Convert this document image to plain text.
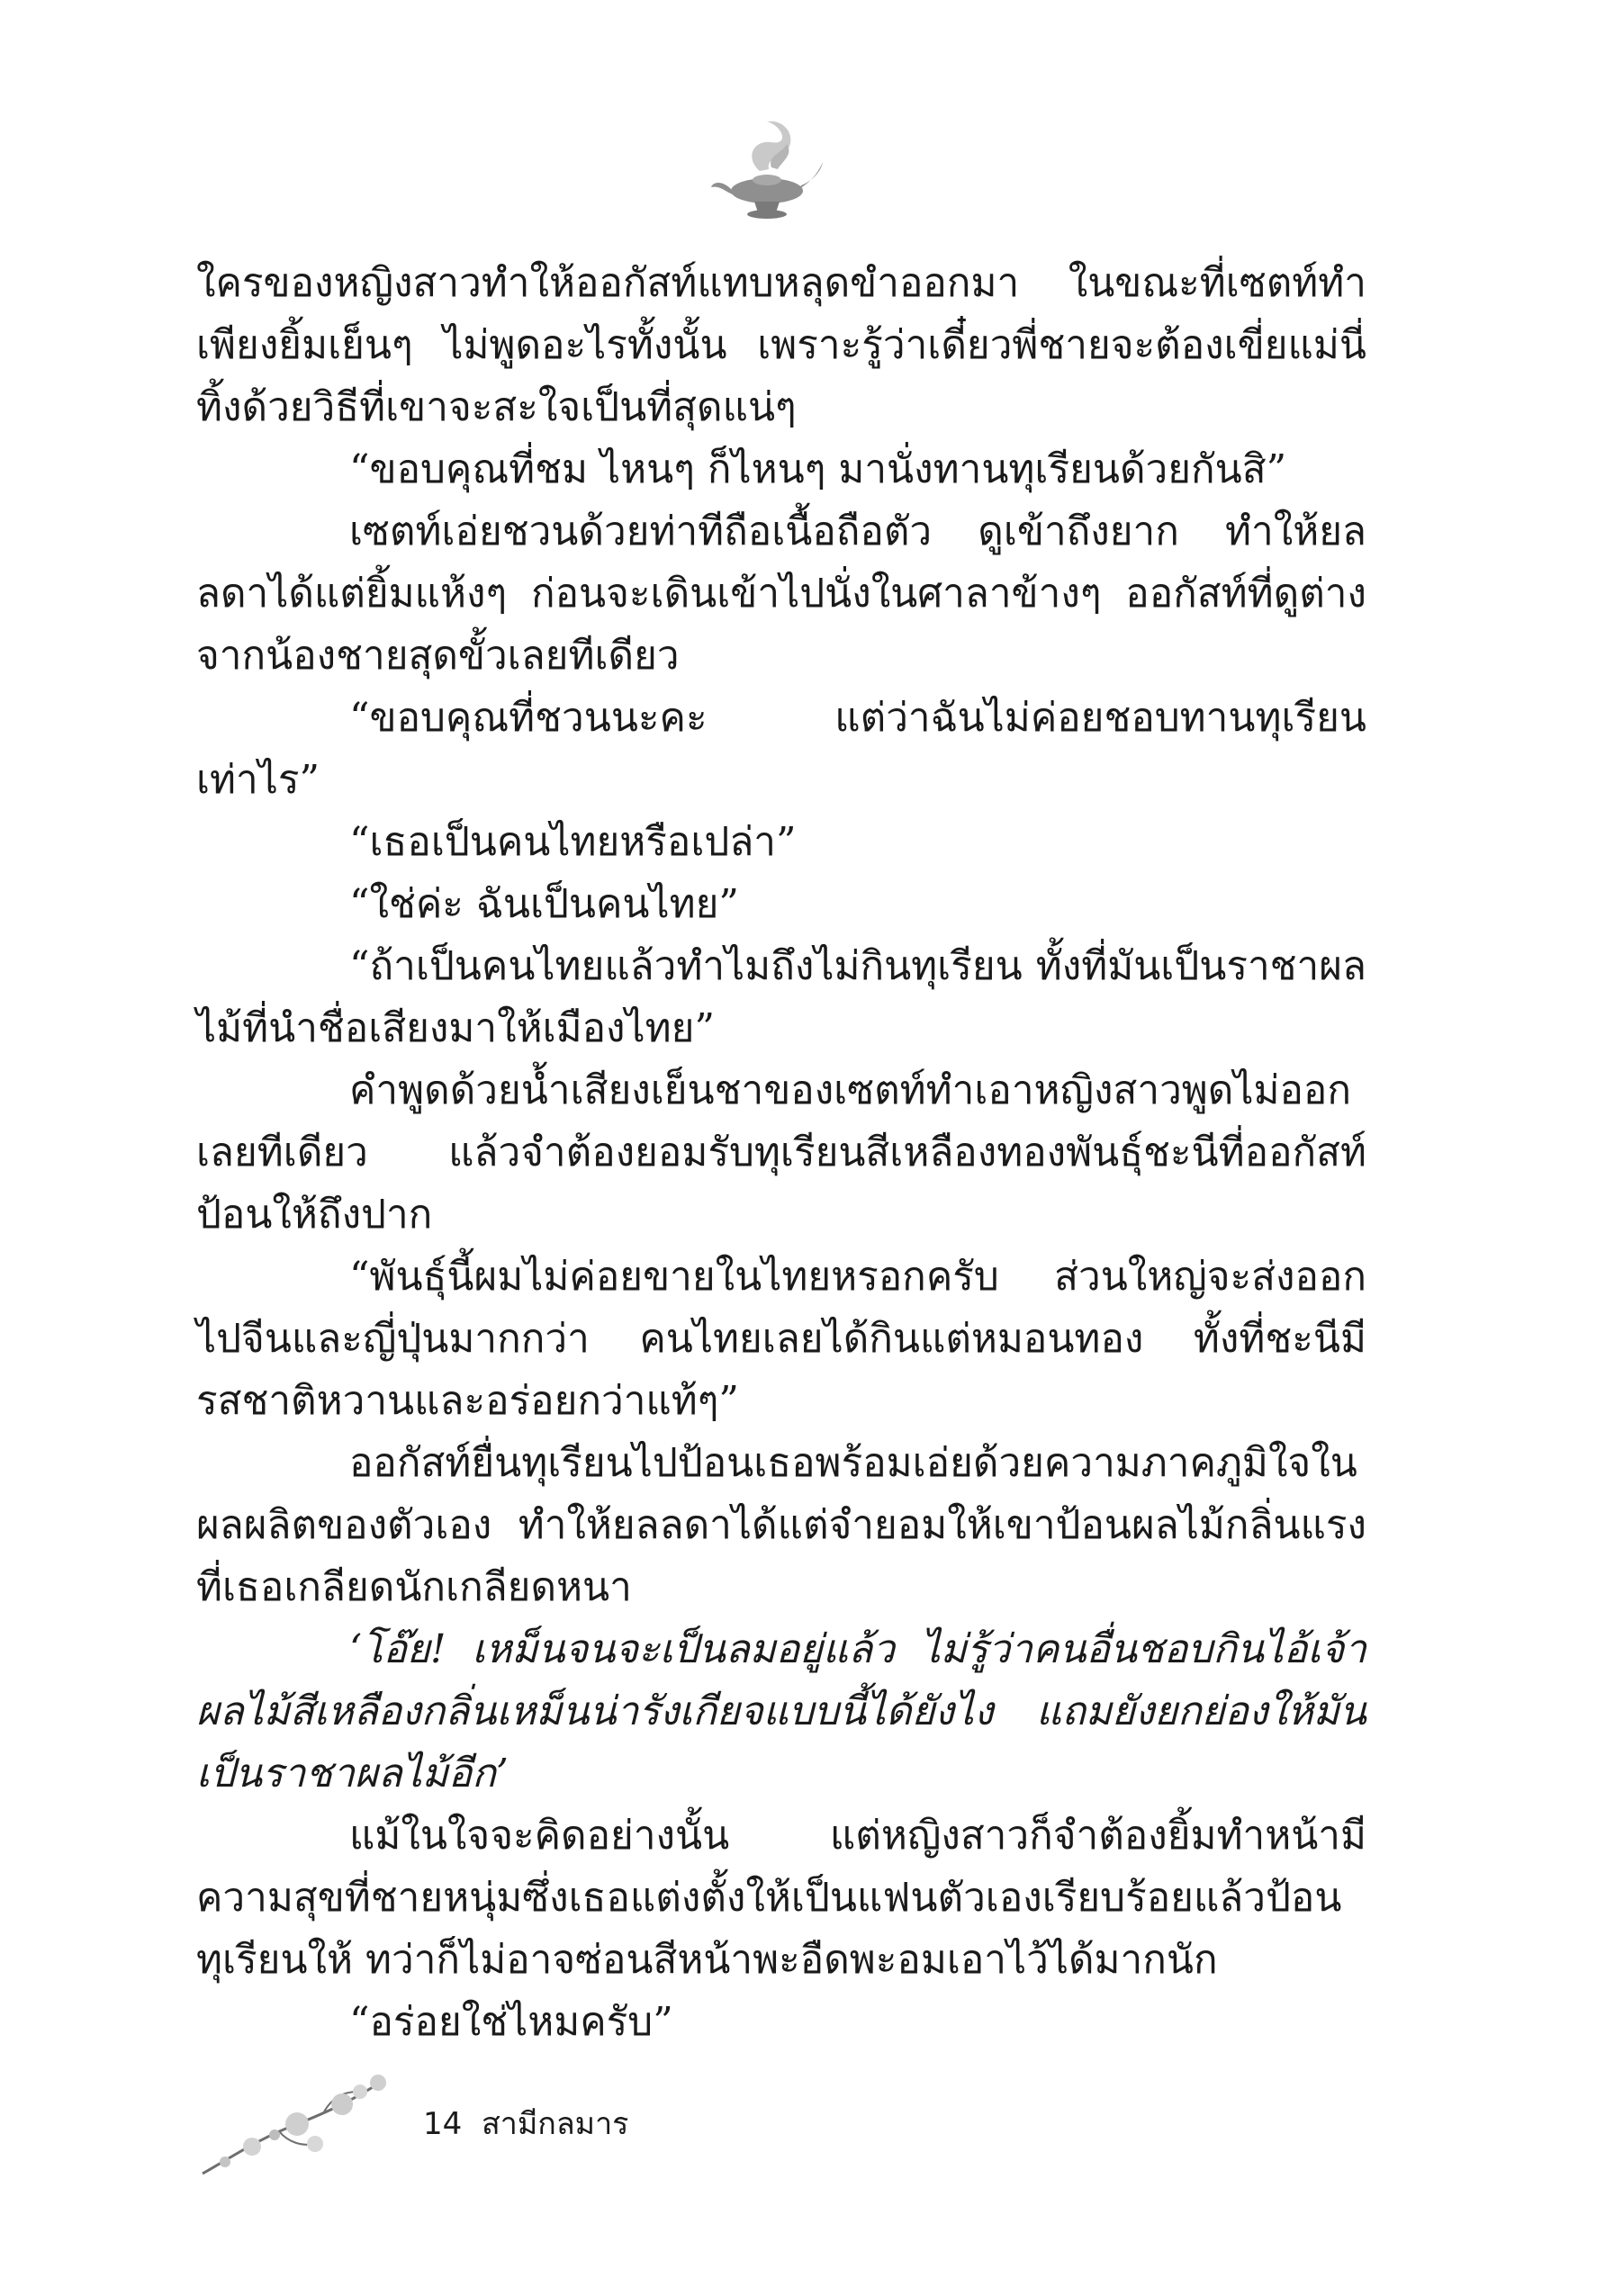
ใครของหญิงสาวทำให้ออกัสท์แทบหลุดขำออกมา ในขณะที่เซตท์ทำเพียงยิ้มเย็นๆ ไม่พูดอะไรทั้งนั้น เพราะรู้ว่าเดี๋ยวพี่ชายจะต้องเขี่ยแม่นี่ทิ้งด้วยวิธีที่เขาจะสะใจเป็นที่สุดแน่ๆ

“ขอบคุณที่ชม ไหนๆ ก็ไหนๆ มานั่งทานทุเรียนด้วยกันสิ”

เซตท์เอ่ยชวนด้วยท่าทีถือเนื้อถือตัว ดูเข้าถึงยาก ทำให้ยลลดาได้แต่ยิ้มแห้งๆ ก่อนจะเดินเข้าไปนั่งในศาลาข้างๆ ออกัสท์ที่ดูต่างจากน้องชายสุดขั้วเลยทีเดียว

“ขอบคุณที่ชวนนะคะ แต่ว่าฉันไม่ค่อยชอบทานทุเรียนเท่าไร”

“เธอเป็นคนไทยหรือเปล่า”

“ใช่ค่ะ ฉันเป็นคนไทย”

“ถ้าเป็นคนไทยแล้วทำไมถึงไม่กินทุเรียน ทั้งที่มันเป็นราชาผลไม้ที่นำชื่อเสียงมาให้เมืองไทย”

คำพูดด้วยน้ำเสียงเย็นชาของเซตท์ทำเอาหญิงสาวพูดไม่ออกเลยทีเดียว แล้วจำต้องยอมรับทุเรียนสีเหลืองทองพันธุ์ชะนีที่ออกัสท์ป้อนให้ถึงปาก

“พันธุ์นี้ผมไม่ค่อยขายในไทยหรอกครับ ส่วนใหญ่จะส่งออกไปจีนและญี่ปุ่นมากกว่า คนไทยเลยได้กินแต่หมอนทอง ทั้งที่ชะนีมีรสชาติหวานและอร่อยกว่าแท้ๆ”

ออกัสท์ยื่นทุเรียนไปป้อนเธอพร้อมเอ่ยด้วยความภาคภูมิใจในผลผลิตของตัวเอง ทำให้ยลลดาได้แต่จำยอมให้เขาป้อนผลไม้กลิ่นแรงที่เธอเกลียดนักเกลียดหนา

‘โอ๊ย! เหม็นจนจะเป็นลมอยู่แล้ว ไม่รู้ว่าคนอื่นชอบกินไอ้เจ้าผลไม้สีเหลืองกลิ่นเหม็นน่ารังเกียจแบบนี้ได้ยังไง แถมยังยกย่องให้มันเป็นราชาผลไม้อีก’

แม้ในใจจะคิดอย่างนั้น แต่หญิงสาวก็จำต้องยิ้มทำหน้ามีความสุขที่ชายหนุ่มซึ่งเธอแต่งตั้งให้เป็นแฟนตัวเองเรียบร้อยแล้วป้อนทุเรียนให้ ทว่าก็ไม่อาจซ่อนสีหน้าพะอืดพะอมเอาไว้ได้มากนัก

“อร่อยใช่ไหมครับ”

14 สามีกลมาร
